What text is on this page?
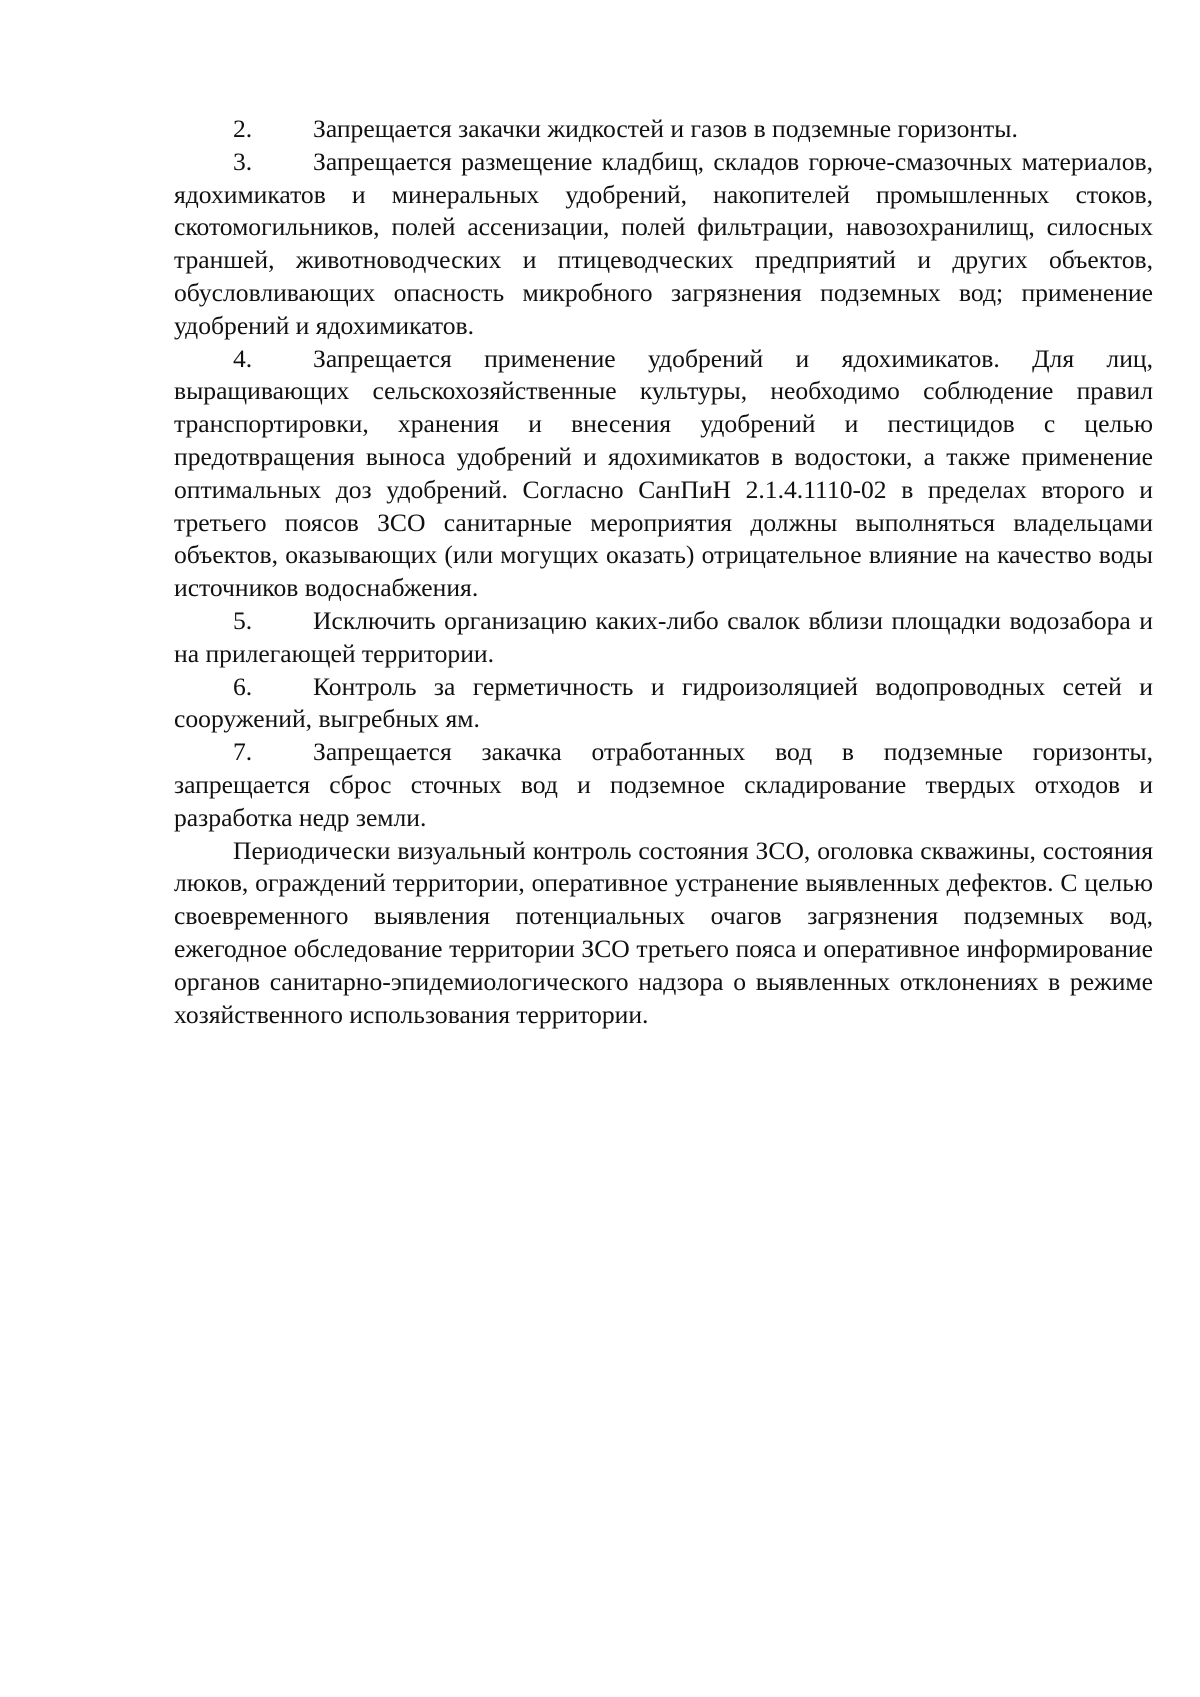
2. Запрещается закачки жидкостей и газов в подземные горизонты.

3. Запрещается размещение кладбищ, складов горюче-смазочных материалов, ядохимикатов и минеральных удобрений, накопителей промышленных стоков, скотомогильников, полей ассенизации, полей фильтрации, навозохранилищ, силосных траншей, животноводческих и птицеводческих предприятий и других объектов, обусловливающих опасность микробного загрязнения подземных вод; применение удобрений и ядохимикатов.

4. Запрещается применение удобрений и ядохимикатов. Для лиц, выращивающих сельскохозяйственные культуры, необходимо соблюдение правил транспортировки, хранения и внесения удобрений и пестицидов с целью предотвращения выноса удобрений и ядохимикатов в водостоки, а также применение оптимальных доз удобрений. Согласно СанПиН 2.1.4.1110-02 в пределах второго и третьего поясов ЗСО санитарные мероприятия должны выполняться владельцами объектов, оказывающих (или могущих оказать) отрицательное влияние на качество воды источников водоснабжения.

5. Исключить организацию каких-либо свалок вблизи площадки водозабора и на прилегающей территории.

6. Контроль за герметичность и гидроизоляцией водопроводных сетей и сооружений, выгребных ям.

7. Запрещается закачка отработанных вод в подземные горизонты, запрещается сброс сточных вод и подземное складирование твердых отходов и разработка недр земли.

Периодически визуальный контроль состояния ЗСО, оголовка скважины, состояния люков, ограждений территории, оперативное устранение выявленных дефектов. С целью своевременного выявления потенциальных очагов загрязнения подземных вод, ежегодное обследование территории ЗСО третьего пояса и оперативное информирование органов санитарно-эпидемиологического надзора о выявленных отклонениях в режиме хозяйственного использования территории.
